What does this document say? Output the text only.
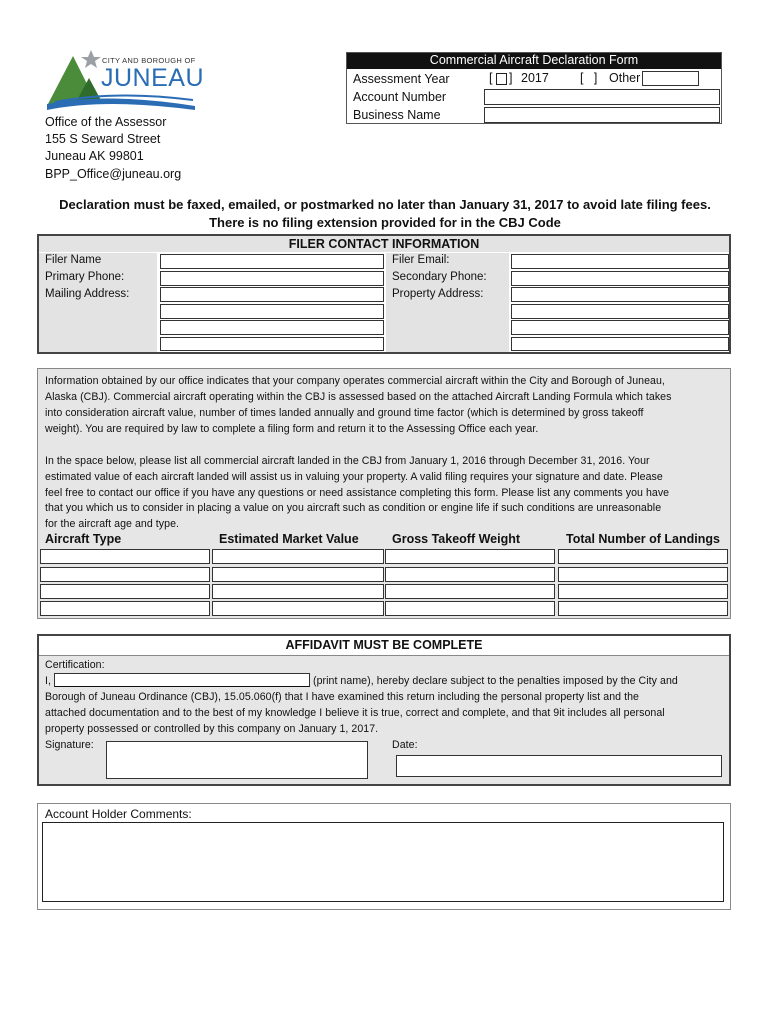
CITY AND BOROUGH OF
JUNEAU
Office of the Assessor
155 S Seward Street
Juneau AK 99801
BPP_Office@juneau.org
Commercial Aircraft Declaration Form
Assessment Year	[ ] 2017 [   ] Other
Account Number
Business Name
Declaration must be faxed, emailed, or postmarked no later than January 31, 2017 to avoid late filing fees.
There is no filing extension provided for in the CBJ Code
FILER CONTACT INFORMATION
Filer Name
Primary Phone:
Mailing Address:
Filer Email:
Secondary Phone:
Property Address:
Information obtained by our office indicates that your company operates commercial aircraft within the City and Borough of Juneau,
Alaska (CBJ). Commercial aircraft operating within the CBJ is assessed based on the attached Aircraft Landing Formula which takes
into consideration aircraft value, number of times landed annually and ground time factor (which is determined by gross takeoff
weight). You are required by law to complete a filing form and return it to the Assessing Office each year.
In the space below, please list all commercial aircraft landed in the CBJ from January 1, 2016 through December 31, 2016. Your
estimated value of each aircraft landed will assist us in valuing your property. A valid filing requires your signature and date. Please
feel free to contact our office if you have any questions or need assistance completing this form. Please list any comments you have
that you which us to consider in placing a value on you aircraft such as condition or engine life if such conditions are unreasonable
for the aircraft age and type.
Aircraft Type	Estimated Market Value	Gross Takeoff Weight	Total Number of Landings
AFFIDAVIT MUST BE COMPLETE
Certification:
I,	(print name), hereby declare subject to the penalties imposed by the City and
Borough of Juneau Ordinance (CBJ), 15.05.060(f) that I have examined this return including the personal property list and the
attached documentation and to the best of my knowledge I believe it is true, correct and complete, and that 9it includes all personal
property possessed or controlled by this company on January 1, 2017.
Signature:	Date:
Account Holder Comments:
